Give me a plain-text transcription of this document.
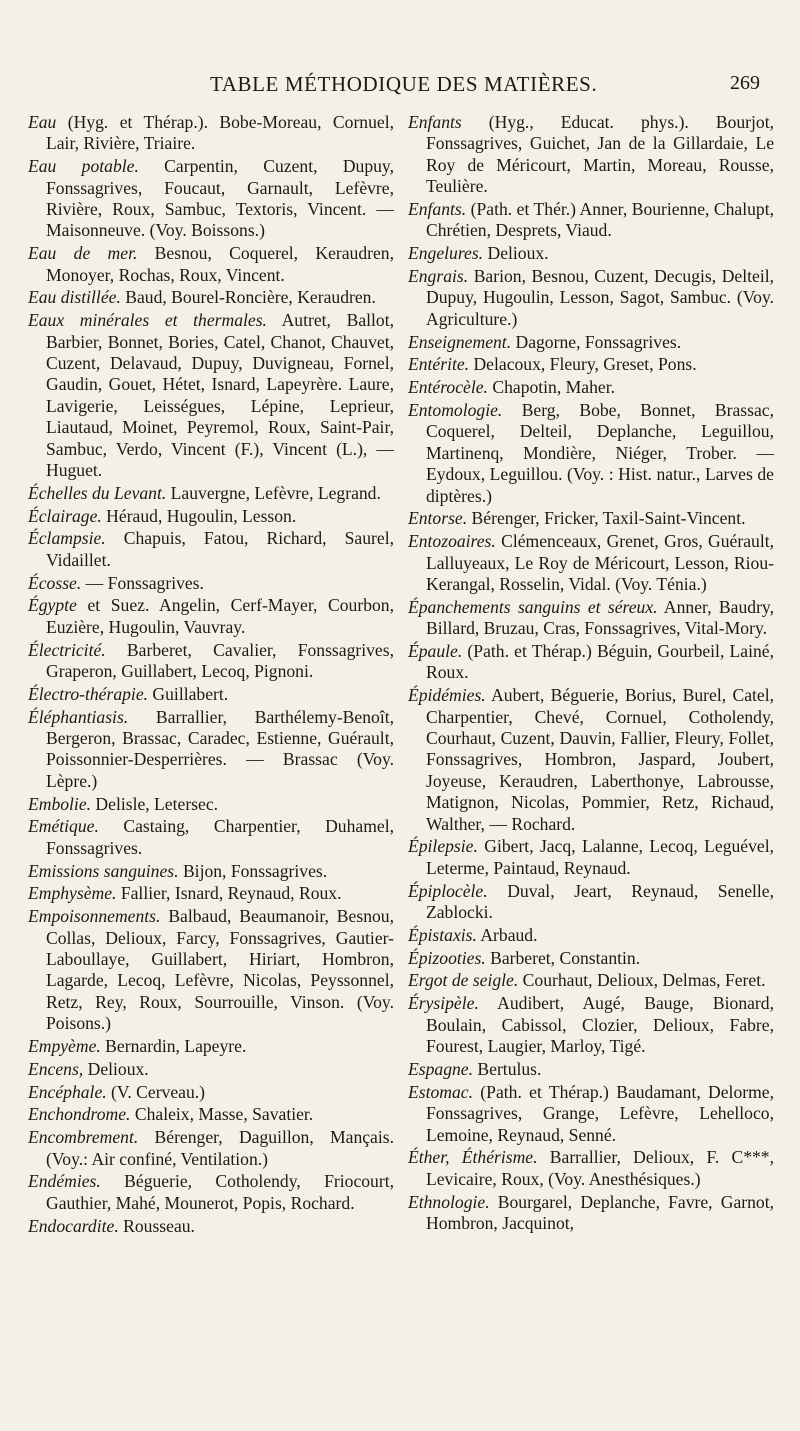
TABLE MÉTHODIQUE DES MATIÈRES.	269

Eau (Hyg. et Thérap.). Bobe-Moreau, Cornuel, Lair, Rivière, Triaire.

Eau potable. Carpentin, Cuzent, Dupuy, Fonssagrives, Foucaut, Garnault, Lefèvre, Rivière, Roux, Sambuc, Textoris, Vincent. — Maisonneuve. (Voy. Boissons.)

Eau de mer. Besnou, Coquerel, Keraudren, Monoyer, Rochas, Roux, Vincent.

Eau distillée. Baud, Bourel-Roncière, Keraudren.

Eaux minérales et thermales. Autret, Ballot, Barbier, Bonnet, Bories, Catel, Chanot, Chauvet, Cuzent, Delavaud, Dupuy, Duvigneau, Fornel, Gaudin, Gouet, Hétet, Isnard, Lapeyrère. Laure, Lavigerie, Leisségues, Lépine, Leprieur, Liautaud, Moinet, Peyremol, Roux, Saint-Pair, Sambuc, Verdo, Vincent (F.), Vincent (L.), — Huguet.

Échelles du Levant. Lauvergne, Lefèvre, Legrand.

Éclairage. Héraud, Hugoulin, Lesson.

Éclampsie. Chapuis, Fatou, Richard, Saurel, Vidaillet.

Écosse. — Fonssagrives.

Égypte et Suez. Angelin, Cerf-Mayer, Courbon, Euzière, Hugoulin, Vauvray.

Électricité. Barberet, Cavalier, Fonssagrives, Graperon, Guillabert, Lecoq, Pignoni.

Électro-thérapie. Guillabert.

Éléphantiasis. Barrallier, Barthélemy-Benoît, Bergeron, Brassac, Caradec, Estienne, Guérault, Poissonnier-Desperrières. — Brassac (Voy. Lèpre.)

Embolie. Delisle, Letersec.

Emétique. Castaing, Charpentier, Duhamel, Fonssagrives.

Emissions sanguines. Bijon, Fonssagrives.

Emphysème. Fallier, Isnard, Reynaud, Roux.

Empoisonnements. Balbaud, Beaumanoir, Besnou, Collas, Delioux, Farcy, Fonssagrives, Gautier-Laboullaye, Guillabert, Hiriart, Hombron, Lagarde, Lecoq, Lefèvre, Nicolas, Peyssonnel, Retz, Rey, Roux, Sourrouille, Vinson. (Voy. Poisons.)

Empyème. Bernardin, Lapeyre.

Encens, Delioux.

Encéphale. (V. Cerveau.)

Enchondrome. Chaleix, Masse, Savatier.

Encombrement. Bérenger, Daguillon, Mançais. (Voy.: Air confiné, Ventilation.)

Endémies. Béguerie, Cotholendy, Friocourt, Gauthier, Mahé, Mounerot, Popis, Rochard.

Endocardite. Rousseau.

Enfants (Hyg., Educat. phys.). Bourjot, Fonssagrives, Guichet, Jan de la Gillardaie, Le Roy de Méricourt, Martin, Moreau, Rousse, Teulière.

Enfants. (Path. et Thér.) Anner, Bourienne, Chalupt, Chrétien, Desprets, Viaud.

Engelures. Delioux.

Engrais. Barion, Besnou, Cuzent, Decugis, Delteil, Dupuy, Hugoulin, Lesson, Sagot, Sambuc. (Voy. Agriculture.)

Enseignement. Dagorne, Fonssagrives.

Entérite. Delacoux, Fleury, Greset, Pons.

Entérocèle. Chapotin, Maher.

Entomologie. Berg, Bobe, Bonnet, Brassac, Coquerel, Delteil, Deplanche, Leguillou, Martinenq, Mondière, Niéger, Trober. — Eydoux, Leguillou. (Voy. : Hist. natur., Larves de diptères.)

Entorse. Bérenger, Fricker, Taxil-Saint-Vincent.

Entozoaires. Clémenceaux, Grenet, Gros, Guérault, Lalluyeaux, Le Roy de Méricourt, Lesson, Riou-Kerangal, Rosselin, Vidal. (Voy. Ténia.)

Épanchements sanguins et séreux. Anner, Baudry, Billard, Bruzau, Cras, Fonssagrives, Vital-Mory.

Épaule. (Path. et Thérap.) Béguin, Gourbeil, Lainé, Roux.

Épidémies. Aubert, Béguerie, Borius, Burel, Catel, Charpentier, Chevé, Cornuel, Cotholendy, Courhaut, Cuzent, Dauvin, Fallier, Fleury, Follet, Fonssagrives, Hombron, Jaspard, Joubert, Joyeuse, Keraudren, Laberthonye, Labrousse, Matignon, Nicolas, Pommier, Retz, Richaud, Walther, — Rochard.

Épilepsie. Gibert, Jacq, Lalanne, Lecoq, Leguével, Letermе, Paintaud, Reynaud.

Épiplocèle. Duval, Jeart, Reynaud, Senelle, Zablocki.

Épistaxis. Arbaud.

Épizooties. Barberet, Constantin.

Ergot de seigle. Courhaut, Delioux, Delmas, Feret.

Érysipèle. Audibert, Augé, Bauge, Bionard, Boulain, Cabissol, Clozier, Delioux, Fabre, Fourest, Laugier, Marloy, Tigé.

Espagne. Bertulus.

Estomac. (Path. et Thérap.) Baudamant, Delorme, Fonssagrives, Grange, Lefèvre, Lehelloco, Lemoine, Reynaud, Senné.

Éther, Éthérisme. Barrallier, Delioux, F. C***, Levicaire, Roux, (Voy. Anesthésiques.)

Ethnologie. Bourgarel, Deplanche, Favre, Garnot, Hombron, Jacquinot,
